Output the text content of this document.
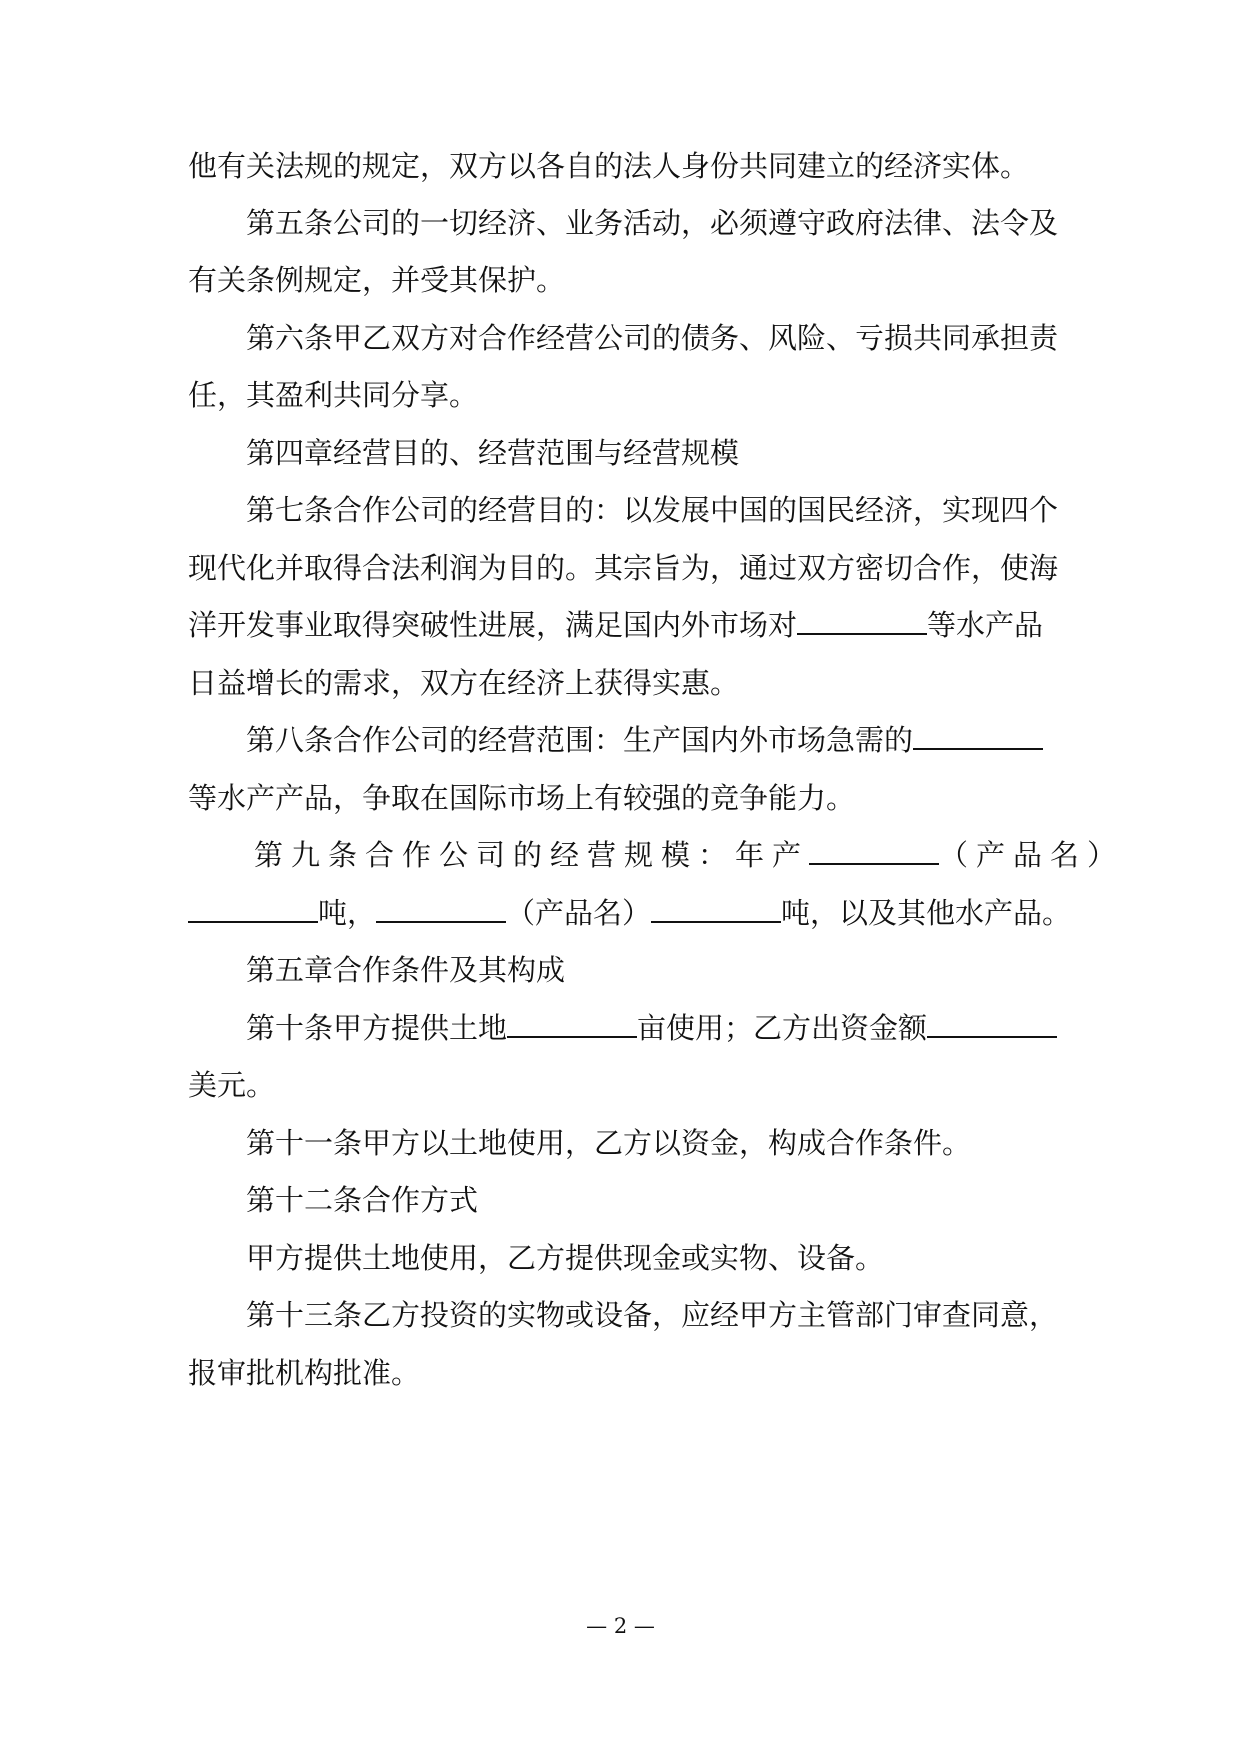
他有关法规的规定，双方以各自的法人身份共同建立的经济实体。
第五条公司的一切经济、业务活动，必须遵守政府法律、法令及
有关条例规定，并受其保护。
第六条甲乙双方对合作经营公司的债务、风险、亏损共同承担责
任，其盈利共同分享。
第四章经营目的、经营范围与经营规模
第七条合作公司的经营目的：以发展中国的国民经济，实现四个
现代化并取得合法利润为目的。其宗旨为，通过双方密切合作，使海
洋开发事业取得突破性进展，满足国内外市场对	等水产品
日益增长的需求，双方在经济上获得实惠。
第八条合作公司的经营范围：生产国内外市场急需的
等水产产品，争取在国际市场上有较强的竞争能力。
第九条合作公司的经营规模：年产	（产品名）
吨，	（产品名）	吨，以及其他水产品。
第五章合作条件及其构成
第十条甲方提供土地	亩使用；乙方出资金额
美元。
第十一条甲方以土地使用，乙方以资金，构成合作条件。
第十二条合作方式
甲方提供土地使用，乙方提供现金或实物、设备。
第十三条乙方投资的实物或设备，应经甲方主管部门审查同意，
报审批机构批准。
— 2 —
